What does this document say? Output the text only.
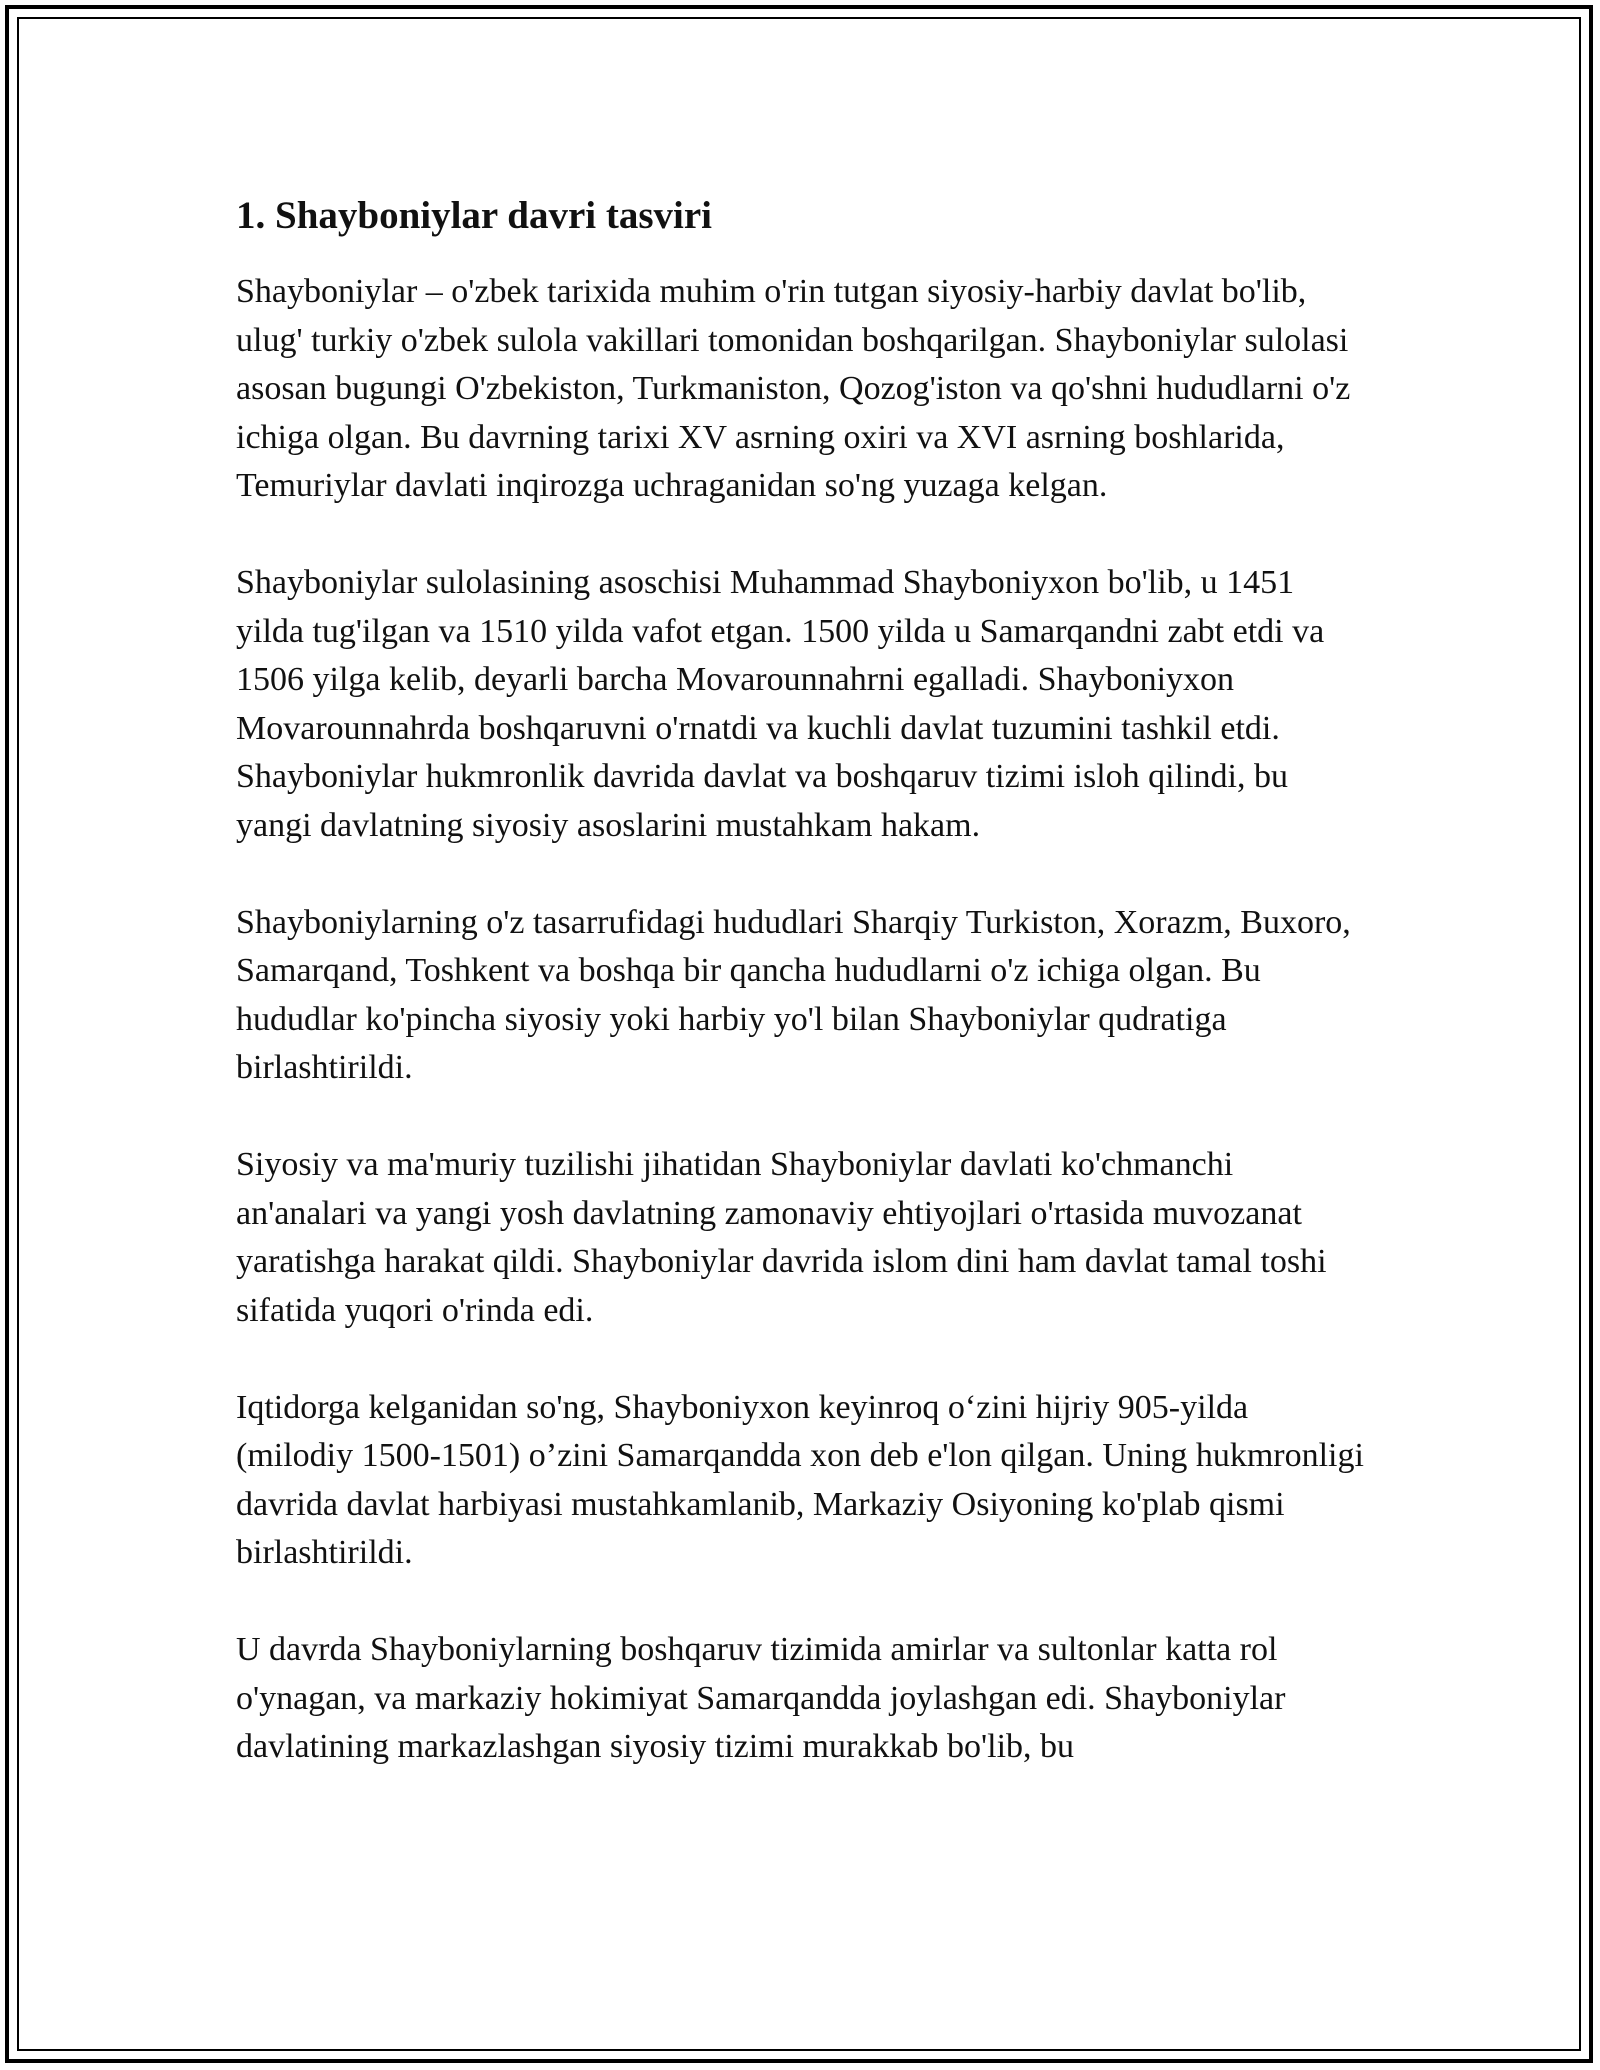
1. Shayboniylar davri tasviri

Shayboniylar – o'zbek tarixida muhim o'rin tutgan siyosiy-harbiy davlat bo'lib, ulug' turkiy o'zbek sulola vakillari tomonidan boshqarilgan. Shayboniylar sulolasi asosan bugungi O'zbekiston, Turkmaniston, Qozog'iston va qo'shni hududlarni o'z ichiga olgan. Bu davrning tarixi XV asrning oxiri va XVI asrning boshlarida, Temuriylar davlati inqirozga uchraganidan so'ng yuzaga kelgan.

Shayboniylar sulolasining asoschisi Muhammad Shayboniyxon bo'lib, u 1451 yilda tug'ilgan va 1510 yilda vafot etgan. 1500 yilda u Samarqandni zabt etdi va 1506 yilga kelib, deyarli barcha Movarounnahrni egalladi. Shayboniyxon Movarounnahrda boshqaruvni o'rnatdi va kuchli davlat tuzumini tashkil etdi. Shayboniylar hukmronlik davrida davlat va boshqaruv tizimi isloh qilindi, bu yangi davlatning siyosiy asoslarini mustahkam hakam.

Shayboniylarning o'z tasarrufidagi hududlari Sharqiy Turkiston, Xorazm, Buxoro, Samarqand, Toshkent va boshqa bir qancha hududlarni o'z ichiga olgan. Bu hududlar ko'pincha siyosiy yoki harbiy yo'l bilan Shayboniylar qudratiga birlashtirildi.

Siyosiy va ma'muriy tuzilishi jihatidan Shayboniylar davlati ko'chmanchi an'analari va yangi yosh davlatning zamonaviy ehtiyojlari o'rtasida muvozanat yaratishga harakat qildi. Shayboniylar davrida islom dini ham davlat tamal toshi sifatida yuqori o'rinda edi.

Iqtidorga kelganidan so'ng, Shayboniyxon keyinroq o‘zini hijriy 905-yilda (milodiy 1500-1501) o’zini Samarqandda xon deb e'lon qilgan. Uning hukmronligi davrida davlat harbiyasi mustahkamlanib, Markaziy Osiyoning ko'plab qismi birlashtirildi.

U davrda Shayboniylarning boshqaruv tizimida amirlar va sultonlar katta rol o'ynagan, va markaziy hokimiyat Samarqandda joylashgan edi. Shayboniylar davlatining markazlashgan siyosiy tizimi murakkab bo'lib, bu
